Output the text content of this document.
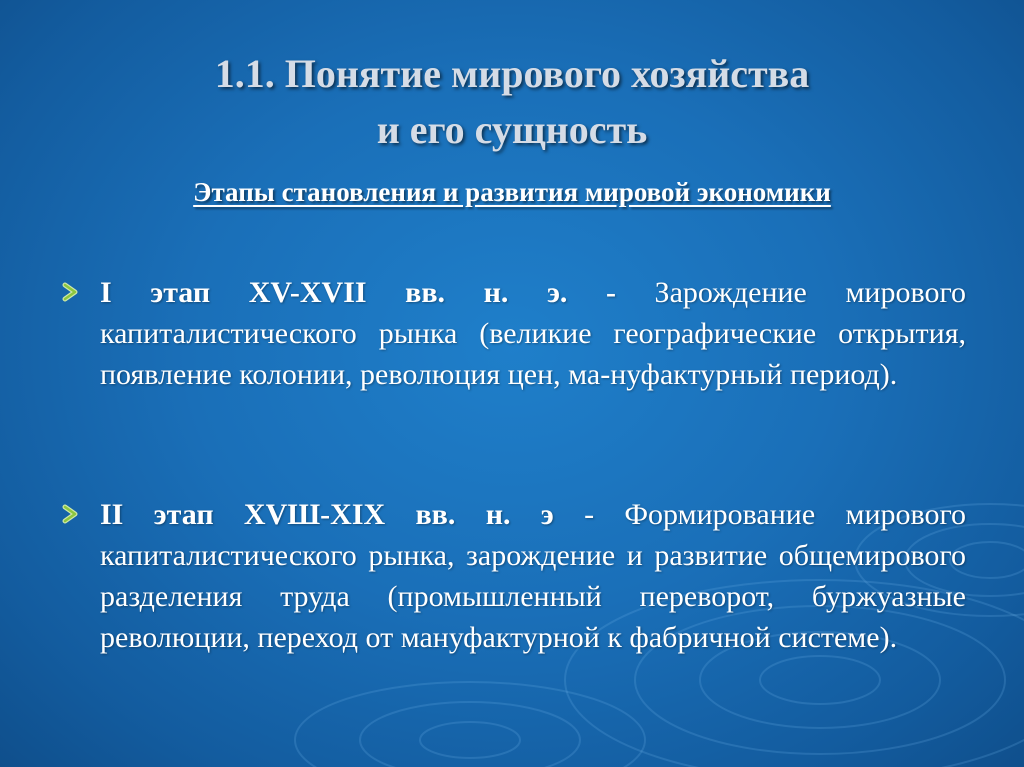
1.1. Понятие мирового хозяйства
и его сущность
Этапы становления и развития мировой экономики
I этап XV-XVII вв. н. э. - Зарождение мирового капиталистического рынка (великие географические открытия, появление колонии, революция цен, ма-нуфактурный период).
II этап XVШ-XIX вв. н. э - Формирование мирового капиталистического рынка, зарождение и развитие общемирового разделения труда (промышленный переворот, буржуазные революции, переход от мануфактурной к фабричной системе).
